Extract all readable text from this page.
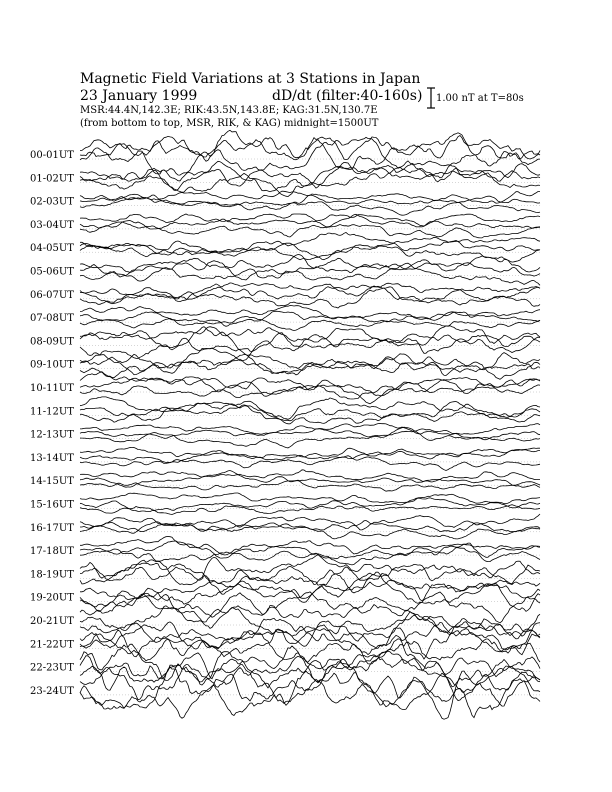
Magnetic Field Variations at 3 Stations in Japan
23 January 1999	dD/dt (filter:40-160s)
MSR:44.4N,142.3E; RIK:43.5N,143.8E; KAG:31.5N,130.7E
(from bottom to top, MSR, RIK, & KAG) midnight=1500UT
1.00 nT at T=80s
00-01UT
01-02UT
02-03UT
03-04UT
04-05UT
05-06UT
06-07UT
07-08UT
08-09UT
09-10UT
10-11UT
11-12UT
12-13UT
13-14UT
14-15UT
15-16UT
16-17UT
17-18UT
18-19UT
19-20UT
20-21UT
21-22UT
22-23UT
23-24UT
